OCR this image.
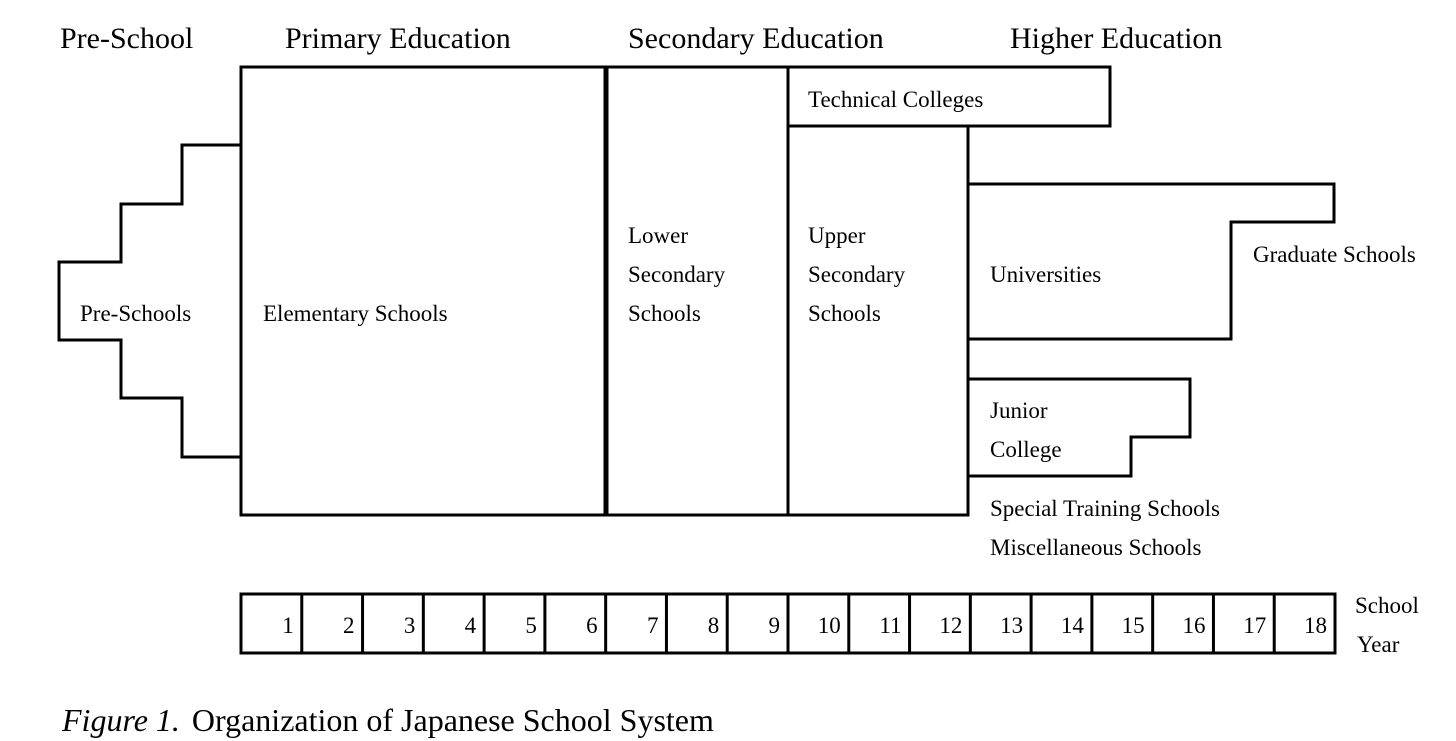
Pre-School	Primary Education	Secondary Education	Higher Education
Pre-Schools	Elementary Schools
Lower
Secondary
Schools
Technical Colleges
Upper
Secondary
Schools
Universities
Graduate Schools
Junior
College
Special Training Schools
Miscellaneous Schools
1 2 3 4 5 6 7 8 9 10 11 12 13 14 15 16 17 18
School
Year
Figure 1. Organization of Japanese School System
